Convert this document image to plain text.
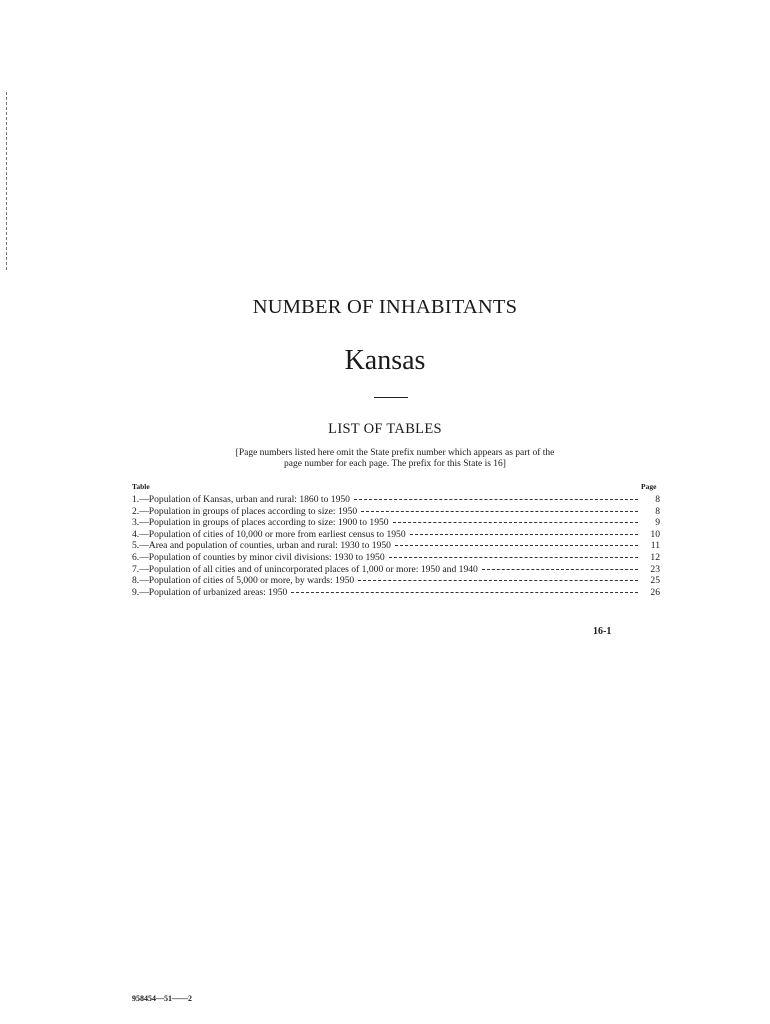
NUMBER OF INHABITANTS
Kansas
LIST OF TABLES
[Page numbers listed here omit the State prefix number which appears as part of the
page number for each page. The prefix for this State is 16]
Table	Page
1.— Population of Kansas, urban and rural: 1860 to 1950	8
2.— Population in groups of places according to size: 1950	8
3.— Population in groups of places according to size: 1900 to 1950	9
4.— Population of cities of 10,000 or more from earliest census to 1950	10
5.— Area and population of counties, urban and rural: 1930 to 1950	11
6.— Population of counties by minor civil divisions: 1930 to 1950	12
7.— Population of all cities and of unincorporated places of 1,000 or more: 1950 and 1940	23
8.— Population of cities of 5,000 or more, by wards: 1950	25
9.— Population of urbanized areas: 1950	26
16-1
958454—51——2
